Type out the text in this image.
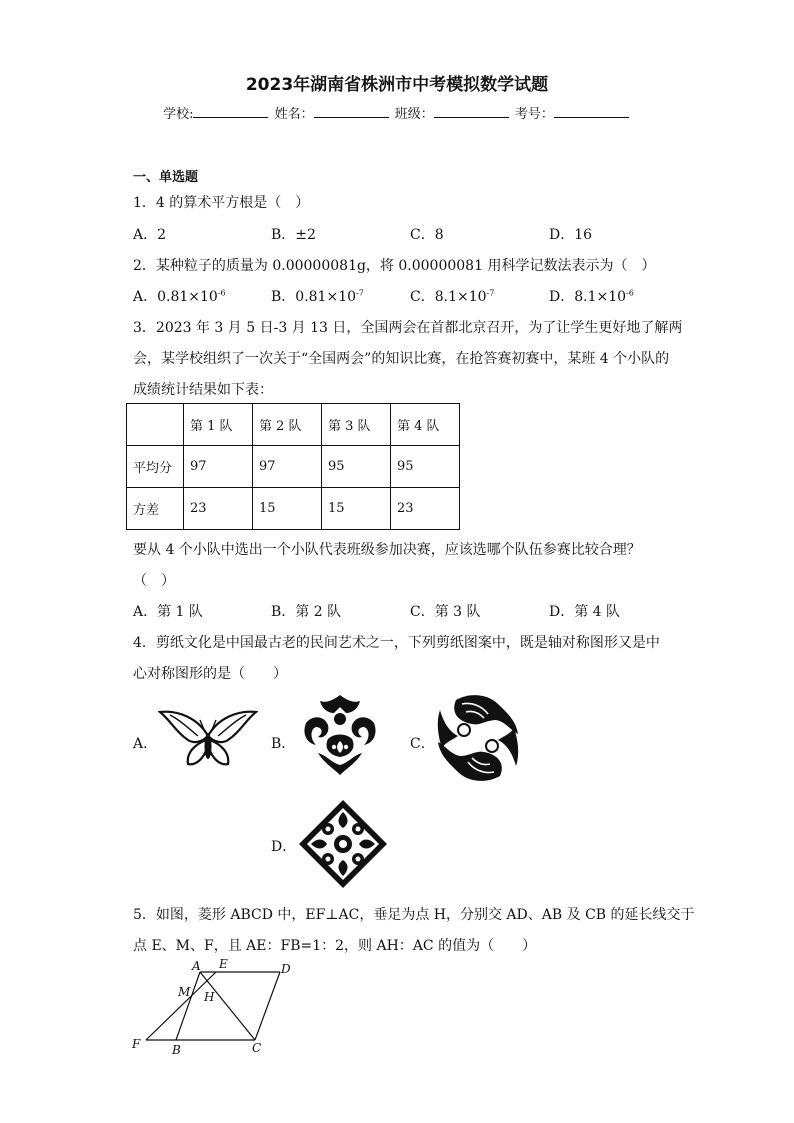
2023年湖南省株洲市中考模拟数学试题
学校:	姓名：	班级：	考号：
一、单选题
1．4 的算术平方根是（　）
A．2	B．±2	C．8	D．16
2．某种粒子的质量为 0.00000081g，将 0.00000081 用科学记数法表示为（　）
A．$0.81\times 10^{-6}$	B．$0.81\times 10^{-7}$	C．$8.1\times 10^{-7}$	D．$8.1\times 10^{-6}$
3．2023 年 3 月 5 日-3 月 13 日，全国两会在首都北京召开，为了让学生更好地了解两
会，某学校组织了一次关于“全国两会”的知识比赛，在抢答赛初赛中，某班 4 个小队的
成绩统计结果如下表：
	第 1 队	第 2 队	第 3 队	第 4 队
平均分	97	97	95	95
方差	23	15	15	23
要从 4 个小队中选出一个小队代表班级参加决赛，应该选哪个队伍参赛比较合理？
（　）
A．第 1 队	B．第 2 队	C．第 3 队	D．第 4 队
4．剪纸文化是中国最古老的民间艺术之一，下列剪纸图案中，既是轴对称图形又是中
心对称图形的是（　　）
A．	B．	C．
D．
5．如图，菱形 ABCD 中，EF⊥AC，垂足为点 H，分别交 AD、AB 及 CB 的延长线交于
点 E、M、F，且 AE：FB=1：2，则 AH：AC 的值为（　　）
A E	D
M H
F	B	C
